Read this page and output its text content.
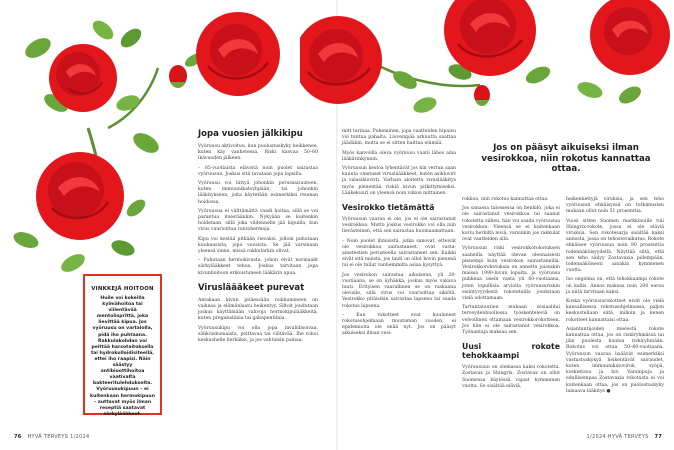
VINKKEJÄ HOITOON
Huile voi kokeilla kylmähoitoa tai viilentävää mentolisprittä, joka lievittää kipua. Jos vyöruusu on vartalolla, pidä iho puhtaana. Rakkulakohdan voi peittää harsotaitoksella tai hydrokolloidisiteellä, ettei iho raapisi. Näin säästyy antibioottihoitoa vaativalta bakteeritulehdukselta. Vyöruusukipuun – ei kuitenkaan hermokipuun – auttavat myös ilman reseptiä saatavat särkylääkkeet.
Jopa vuosien jälkikipu

Vyöruusu aktivoituu, kun puolustuskyky heikkenee, kuten käy vanhetessa. Riski kasvaa 50–60 ikävuoden jälkeen.

– 85-vuotiaista elävistä noin puolet sairastaa vyöruusun. Joskus sitä tavataan jopa lapsilla.

Vyöruusu voi liittyä johonkin perussairauteen, kuten immuunikatoyhpään, tai johonkin lääkitykseen, joita käytetään esimerkiksi reuman hoidossa.

Vyöruusua ei välttämättä vaadi hoitaa, sillä se voi parantua itsestäänkin. Nykyään se kuitenkin hoidetaan, sillä joka viidennelle jää kipuilla, kun virus vaurioittaa tuntohermoja.

Kipu voi kestää pitkään rievaksi, jolloin puhutaan kuukausista, jopa vuosista. Se jää varsinaan yleensä sinne, missä rakkularkin olivat.

– Puhutaan hermokivusta, johon eivät normaalit särkylääkkeet tehoa. Joskus tarvitaan jopa kivunhoitoon erikoistuneen lääkärin apua.

Virusläääkeet purevat

Antakaan kivun pitäessään nukkumineen on vaikeaa ja elämänlaatu heikentyy. Siltoit joudutaan joskus käyttämään vahvoja hermokipulääkkeitä, kuten pregabaliinia tai gabapentiinia.

Vyöruusukipu voi olla jopa invalidisoivaa, sähköiskumaista, polttavaa tai viiltävää. Ihe tuhoi keskushelle herkäksi, ja jos vahtaisin painaa.

mitt tarinaa. Pukeminen, jopa vaatteiden hipaisu voi tuntua pahalta. Liuvempää arkuutta saattaa jäädäkin, mutta se ei sitten haittaa elämää.

Myös kanvoilla oleva vyöruusu vaatii lähes aina lääkärinkynnin.

Vyöruusun kestoa lyhentävät jos kin verran saan kaunta ometaset virusläääkkeet, kuten asiklovirt ja valasiklovirti. Varhain aloitettu viruslääkitys myös pienentää riskiä kivun pitkittymiseksi. Lääkekuuri on yleensä noin viikon mittainen.

Vesirokko tietämättä

Vyöruusun vaaraa ei ole, jos ei ole sairastanut vesirokkoa. Mutta joskus vesirokko voi olla niin lievästeinen, että sen sairastaa huomaamattaan.

– Noin puolet ihmisistä, jotka sanovat, etteivät ole vesirokkoa sairastaneet, ovat vasta-ainetestien perusteella sairastaneet sen. Kaikki eivät sitä muista, jos tauti on ollut kovin pienenä tai ei ole tullut vanhemmilta asiaa kysyttyä.

Jos vesirokon sairastaa aikuisena, yli 20-vuotiaana, se on äyhäkkä, joskus myös vakava tauti. Erityisen vaarallinen se on raskaana olevalle, sillä virus voi vaurioittaa sikiötä. Vesirokko pitäisikin sairastaa lapsena tai saada rokotus lapsena.

– Kun rokotteet ovat kuuluneet rokotusohjelmaan muutaman vuoden, ei epidemioita ole enää nyt. Jos on pääsyt aikuiseksi ilman vesi-

Jos on pääsyt aikuiseksi ilman vesirokkoa, niin rokotus kannattaa ottaa.

rokkoa, niin rokotus kannattaa ottaa.

Jos sanassa talossessa on henkilö, joka ei ole sairastanut vesirokkoa tai saanut rokotetta siihen, hän voi saada vyöruusua vesirokkon. Yleensä se ei kuitenkaan koriu herkiltä leviä, varsinkin jos rakkulat ovat vaatteiden alla.

Vyöruusun riski vesirokkorokotuksen saaneilla näyttää olevan olennaisesti pienempi kuin vesirokon sairastaneilla. Vesirokkorokotuksia on annettu joissakin maissa 1990-luvun lopulta, ja vyöruusa puhkeaa usein vasta yli 60-vuotiaana, joten lopullisia arvioita vyöruusuriskin esiintyvyydestä rokotetuilla joudutaan vielä odottamaan.

Tartuntatautien mukaan sosiaalitai terveydenhuollossa työskenteleviä on velvollinen ottamaan vesirokkorokotteen. Jos hän ei ole sairastanut vesirokkoa. Työnantaja maksaa sen.

Uusi rokote tehokkaampi

Vyöruusuun on olemassa kaksi rokotetta. Zostavax ja Shingrix. Zostavax on ollut Suomessa käytössä vajaat kymmenen vuotta. Se sisältää eläviä,

heikennettyjä viruksia, ja sen teho vyöruusun ehkäisyssä on tutkimusten mukaan ollut noin 51 prosenttia.

Vuosi sitten Suomen markkinoille tuli Shingrix-rokote, jossa ei ole eläviä viruksia. Sen rokotesarja sisältää kaksi annosta, jossa on tehostevaikutus. Rokote ehkäisee vyöruusua noin 90 prosenttia todennäköisyydellä. Näyttää siltä, että sen teho säilyy Zostavaxia pidempään, todennäköisesti ainakin kymmenen vuotta.

Iso ongelma on, että tehokkaampi rokote on kallis. Annos maksaa noin 200 euroa ja niitä tarvitaan kaksi.

Koska vyöruusurokotteet eivät ole vielä kansallisessa rokotusohjelmassa, paljon keskustellaan siitä, milloin ja kenen rokotteet kannattaisi ottaa.

Asiantuntijoiden mielestä rokote kannattaa ottaa, jos on riskiryhmässä tai jäin puolesta kuuluu riskiryhmään. Rokotus voi ottaa 50–60-vuotiaana. Vyöruusun vaaraa lisäävät esimerkiksi vastustuskykyä heikentävät sairaudet, kuten immuunikatoviruk, syöpä, koskettava ja hiv. Varsinpuja ja edullisempaa Zostavaxia rokotusta ei voi kuitenkaan ottaa, jos on puolustuskyky lainaava lääkitys ●

76 HYVÄ TERVEYS 1/2024	1/2024 HYVÄ TERVEYS 77
